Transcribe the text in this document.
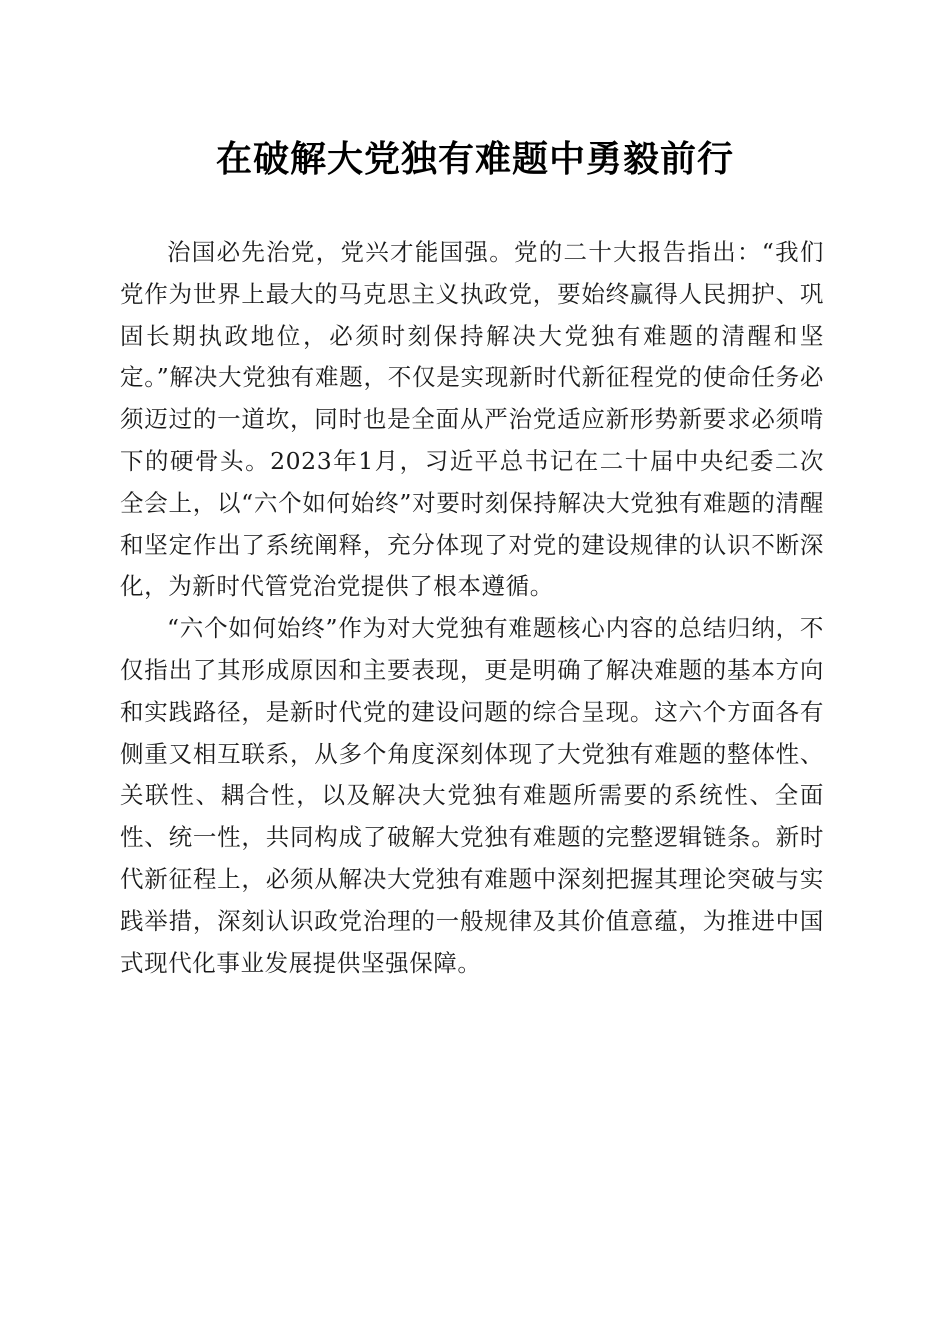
在破解大党独有难题中勇毅前行

治国必先治党，党兴才能国强。党的二十大报告指出：“我们党作为世界上最大的马克思主义执政党，要始终赢得人民拥护、巩固长期执政地位，必须时刻保持解决大党独有难题的清醒和坚定。”解决大党独有难题，不仅是实现新时代新征程党的使命任务必须迈过的一道坎，同时也是全面从严治党适应新形势新要求必须啃下的硬骨头。2023年1月，习近平总书记在二十届中央纪委二次全会上，以“六个如何始终”对要时刻保持解决大党独有难题的清醒和坚定作出了系统阐释，充分体现了对党的建设规律的认识不断深化，为新时代管党治党提供了根本遵循。

“六个如何始终”作为对大党独有难题核心内容的总结归纳，不仅指出了其形成原因和主要表现，更是明确了解决难题的基本方向和实践路径，是新时代党的建设问题的综合呈现。这六个方面各有侧重又相互联系，从多个角度深刻体现了大党独有难题的整体性、关联性、耦合性，以及解决大党独有难题所需要的系统性、全面性、统一性，共同构成了破解大党独有难题的完整逻辑链条。新时代新征程上，必须从解决大党独有难题中深刻把握其理论突破与实践举措，深刻认识政党治理的一般规律及其价值意蕴，为推进中国式现代化事业发展提供坚强保障。
